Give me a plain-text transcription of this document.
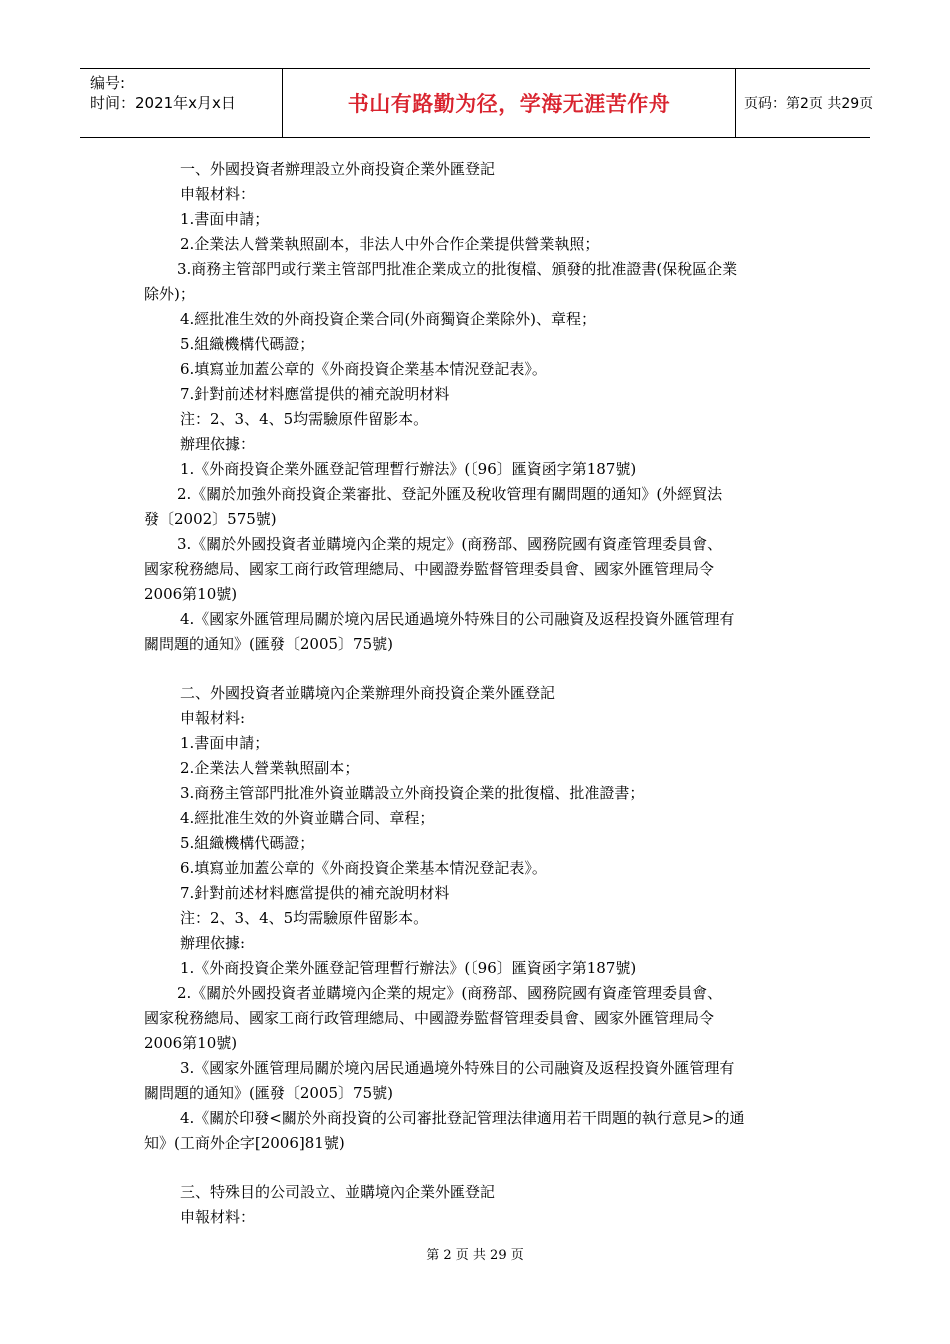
编号:
时间：2021年x月x日	书山有路勤为径，学海无涯苦作舟	页码：第2页 共29页
一、外國投資者辦理設立外商投資企業外匯登記
申報材料：
1.書面申請；
2.企業法人營業執照副本，非法人中外合作企業提供營業執照；
3.商務主管部門或行業主管部門批准企業成立的批復檔、頒發的批准證書(保稅區企業
除外)；
4.經批准生效的外商投資企業合同(外商獨資企業除外)、章程；
5.組織機構代碼證；
6.填寫並加蓋公章的《外商投資企業基本情況登記表》。
7.針對前述材料應當提供的補充說明材料
注：2、3、4、5均需驗原件留影本。
辦理依據：
1.《外商投資企業外匯登記管理暫行辦法》(〔96〕匯資函字第187號)
2.《關於加強外商投資企業審批、登記外匯及稅收管理有關問題的通知》(外經貿法
發〔2002〕575號)
3.《關於外國投資者並購境內企業的規定》(商務部、國務院國有資產管理委員會、
國家稅務總局、國家工商行政管理總局、中國證券監督管理委員會、國家外匯管理局令
2006第10號)
4.《國家外匯管理局關於境內居民通過境外特殊目的公司融資及返程投資外匯管理有
關問題的通知》(匯發〔2005〕75號)
二、外國投資者並購境內企業辦理外商投資企業外匯登記
申報材料:
1.書面申請；
2.企業法人營業執照副本；
3.商務主管部門批准外資並購設立外商投資企業的批復檔、批准證書；
4.經批准生效的外資並購合同、章程；
5.組織機構代碼證；
6.填寫並加蓋公章的《外商投資企業基本情況登記表》。
7.針對前述材料應當提供的補充說明材料
注：2、3、4、5均需驗原件留影本。
辦理依據:
1.《外商投資企業外匯登記管理暫行辦法》(〔96〕匯資函字第187號)
2.《關於外國投資者並購境內企業的規定》(商務部、國務院國有資產管理委員會、
國家稅務總局、國家工商行政管理總局、中國證券監督管理委員會、國家外匯管理局令
2006第10號)
3.《國家外匯管理局關於境內居民通過境外特殊目的公司融資及返程投資外匯管理有
關問題的通知》(匯發〔2005〕75號)
4.《關於印發<關於外商投資的公司審批登記管理法律適用若干問題的執行意見>的通
知》(工商外企字[2006]81號)
三、特殊目的公司設立、並購境內企業外匯登記
申報材料：
第 2 页 共 29 页
